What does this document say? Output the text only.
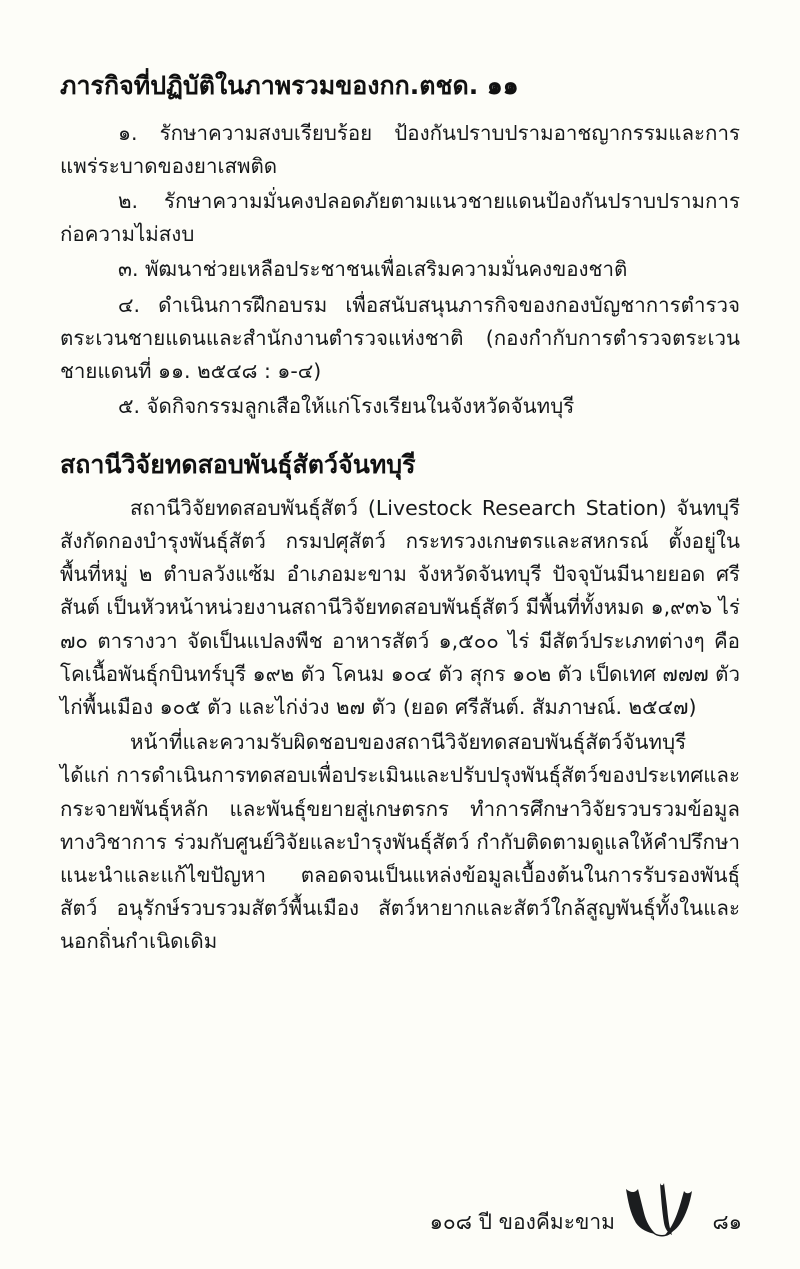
ภารกิจที่ปฏิบัติในภาพรวมของกก.ตชด. ๑๑

๑. รักษาความสงบเรียบร้อย ป้องกันปราบปรามอาชญากรรมและการแพร่ระบาดของยาเสพติด

๒. รักษาความมั่นคงปลอดภัยตามแนวชายแดนป้องกันปราบปรามการก่อความไม่สงบ

๓. พัฒนาช่วยเหลือประชาชนเพื่อเสริมความมั่นคงของชาติ

๔. ดำเนินการฝึกอบรม เพื่อสนับสนุนภารกิจของกองบัญชาการตำรวจตระเวนชายแดนและสำนักงานตำรวจแห่งชาติ (กองกำกับการตำรวจตระเวนชายแดนที่ ๑๑. ๒๕๔๘ : ๑-๔)

๕. จัดกิจกรรมลูกเสือให้แก่โรงเรียนในจังหวัดจันทบุรี

สถานีวิจัยทดสอบพันธุ์สัตว์จันทบุรี

สถานีวิจัยทดสอบพันธุ์สัตว์ (Livestock Research Station) จันทบุรี สังกัดกองบำรุงพันธุ์สัตว์ กรมปศุสัตว์ กระทรวงเกษตรและสหกรณ์ ตั้งอยู่ในพื้นที่หมู่ ๒ ตำบลวังแซ้ม อำเภอมะขาม จังหวัดจันทบุรี ปัจจุบันมีนายยอด ศรีสันต์ เป็นหัวหน้าหน่วยงานสถานีวิจัยทดสอบพันธุ์สัตว์ มีพื้นที่ทั้งหมด ๑,๙๓๖ ไร่ ๗๐ ตารางวา จัดเป็นแปลงพืช อาหารสัตว์ ๑,๕๐๐ ไร่ มีสัตว์ประเภทต่างๆ คือ โคเนื้อพันธุ์กบินทร์บุรี ๑๙๒ ตัว โคนม ๑๐๔ ตัว สุกร ๑๐๒ ตัว เป็ดเทศ ๗๗๗ ตัว ไก่พื้นเมือง ๑๐๕ ตัว และไก่ง่วง ๒๗ ตัว (ยอด ศรีสันต์. สัมภาษณ์. ๒๕๔๗)

หน้าที่และความรับผิดชอบของสถานีวิจัยทดสอบพันธุ์สัตว์จันทบุรี ได้แก่ การดำเนินการทดสอบเพื่อประเมินและปรับปรุงพันธุ์สัตว์ของประเทศและกระจายพันธุ์หลัก และพันธุ์ขยายสู่เกษตรกร ทำการศึกษาวิจัยรวบรวมข้อมูลทางวิชาการ ร่วมกับศูนย์วิจัยและบำรุงพันธุ์สัตว์ กำกับติดตามดูแลให้คำปรึกษาแนะนำและแก้ไขปัญหา ตลอดจนเป็นแหล่งข้อมูลเบื้องต้นในการรับรองพันธุ์สัตว์ อนุรักษ์รวบรวมสัตว์พื้นเมือง สัตว์หายากและสัตว์ใกล้สูญพันธุ์ทั้งในและนอกถิ่นกำเนิดเดิม

๑๐๘ ปี ของคีมะขาม	๘๑
